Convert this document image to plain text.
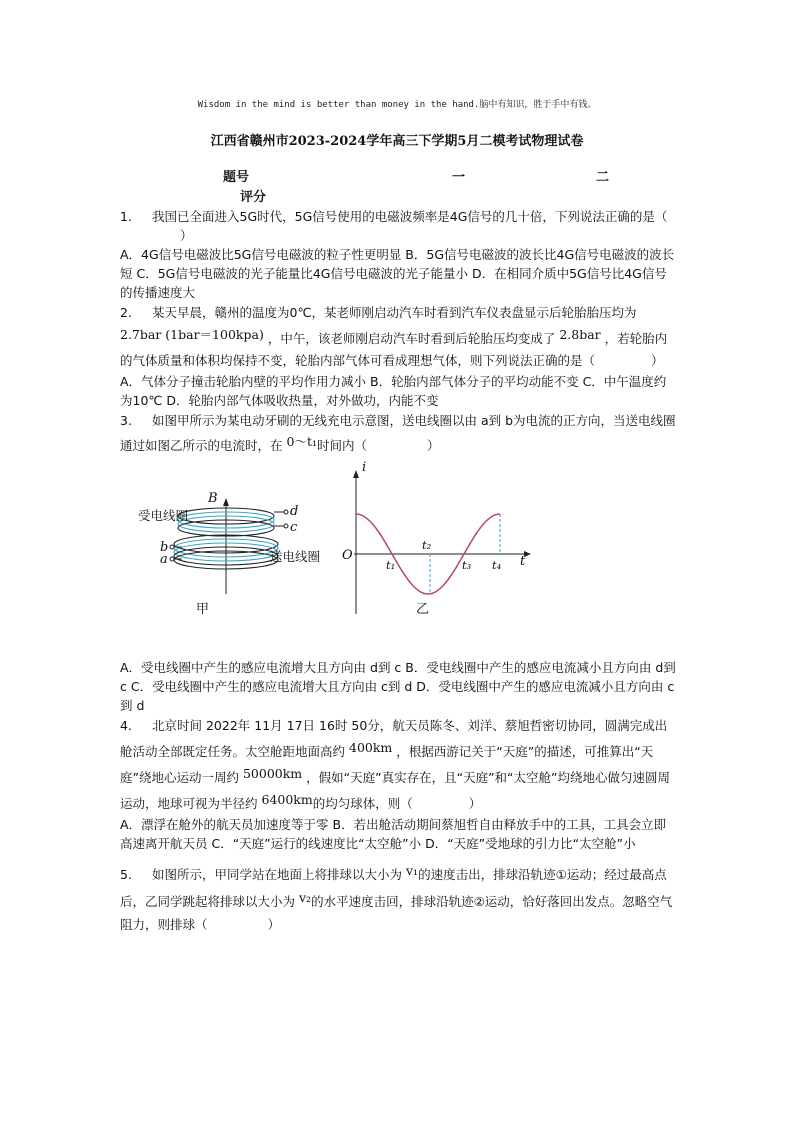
Wisdom in the mind is better than money in the hand.脑中有知识，胜于手中有钱。
江西省赣州市2023-2024学年高三下学期5月二模考试物理试卷
题号	一	二
评分

1. 我国已全面进入5G时代，5G信号使用的电磁波频率是4G信号的几十倍，下列说法正确的是（）

A．4G信号电磁波比5G信号电磁波的粒子性更明显 B．5G信号电磁波的波长比4G信号电磁波的波长短 C．5G信号电磁波的光子能量比4G信号电磁波的光子能量小 D．在相同介质中5G信号比4G信号的传播速度大

2. 某天早晨，赣州的温度为0℃，某老师刚启动汽车时看到汽车仪表盘显示后轮胎胎压均为 2.7bar (1bar＝100kpa) ，中午，该老师刚启动汽车时看到后轮胎压均变成了 2.8bar ，若轮胎内的气体质量和体积均保持不变，轮胎内部气体可看成理想气体，则下列说法正确的是（	）

A．气体分子撞击轮胎内壁的平均作用力减小 B．轮胎内部气体分子的平均动能不变 C．中午温度约为10℃ D．轮胎内部气体吸收热量，对外做功，内能不变

3. 如图甲所示为某电动牙刷的无线充电示意图，送电线圈以由 a到 b为电流的正方向，当送电线圈通过如图乙所示的电流时，在 0～t₁时间内（	）

受电线圈
送电线圈
B
d
c
b
a
甲	乙
i
t
O
t₁
t₂
t₃ t₄

A．受电线圈中产生的感应电流增大且方向由 d到 c B．受电线圈中产生的感应电流减小且方向由 d到 c C．受电线圈中产生的感应电流增大且方向由 c到 d D．受电线圈中产生的感应电流减小且方向由 c到 d

4. 北京时间 2022年 11月 17日 16时 50分，航天员陈冬、刘洋、蔡旭哲密切协同，圆满完成出舱活动全部既定任务。太空舱距地面高约 400km ，根据西游记关于“天庭”的描述，可推算出“天庭”绕地心运动一周约 50000km ，假如“天庭”真实存在，且“天庭”和“太空舱”均绕地心做匀速圆周运动，地球可视为半径约 6400km的均匀球体，则（	）

A．漂浮在舱外的航天员加速度等于零 B．若出舱活动期间蔡旭哲自由释放手中的工具，工具会立即高速离开航天员 C．“天庭”运行的线速度比“太空舱”小 D．“天庭”受地球的引力比“太空舱”小

5. 如图所示，甲同学站在地面上将排球以大小为 v₁的速度击出，排球沿轨迹①运动；经过最高点后，乙同学跳起将排球以大小为 v₂的水平速度击回，排球沿轨迹②运动，恰好落回出发点。忽略空气阻力，则排球（	）
